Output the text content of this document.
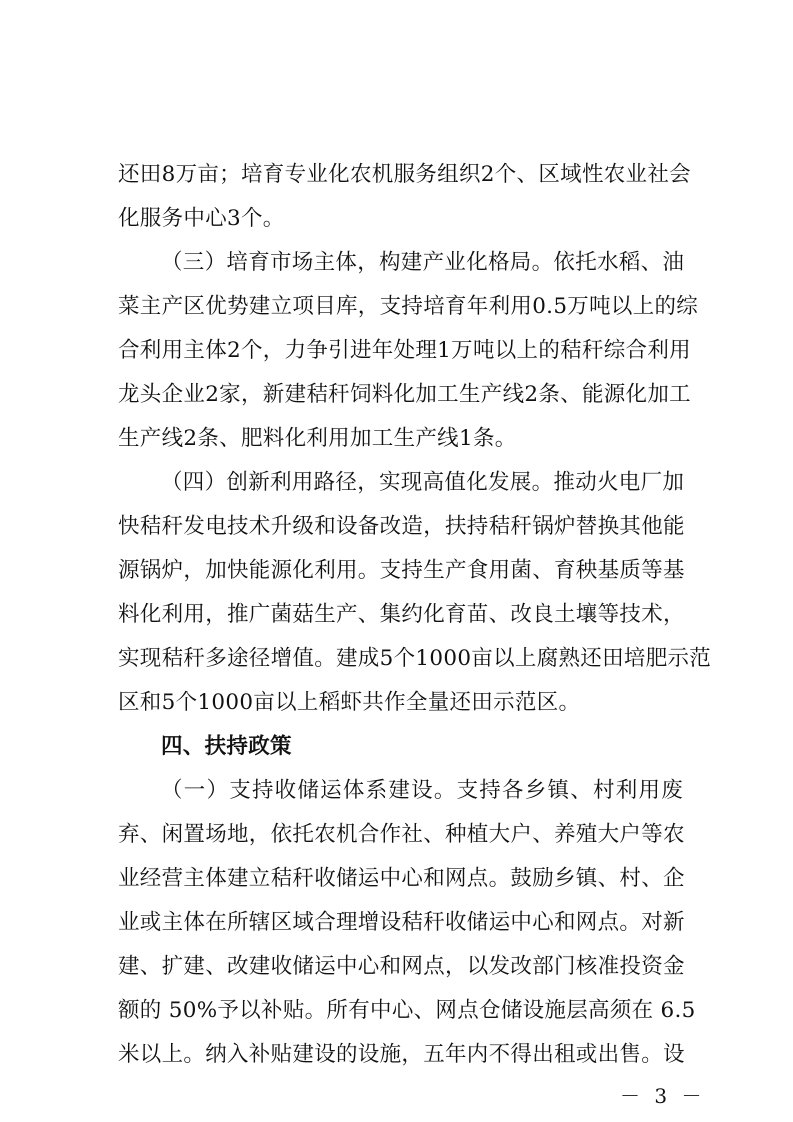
还田8万亩；培育专业化农机服务组织2个、区域性农业社会
化服务中心3个。
（三）培育市场主体，构建产业化格局。依托水稻、油
菜主产区优势建立项目库，支持培育年利用0.5万吨以上的综
合利用主体2个，力争引进年处理1万吨以上的秸秆综合利用
龙头企业2家，新建秸秆饲料化加工生产线2条、能源化加工
生产线2条、肥料化利用加工生产线1条。
（四）创新利用路径，实现高值化发展。推动火电厂加
快秸秆发电技术升级和设备改造，扶持秸秆锅炉替换其他能
源锅炉，加快能源化利用。支持生产食用菌、育秧基质等基
料化利用，推广菌菇生产、集约化育苗、改良土壤等技术，
实现秸秆多途径增值。建成5个1000亩以上腐熟还田培肥示范
区和5个1000亩以上稻虾共作全量还田示范区。
四、扶持政策
（一）支持收储运体系建设。支持各乡镇、村利用废
弃、闲置场地，依托农机合作社、种植大户、养殖大户等农
业经营主体建立秸秆收储运中心和网点。鼓励乡镇、村、企
业或主体在所辖区域合理增设秸秆收储运中心和网点。对新
建、扩建、改建收储运中心和网点，以发改部门核准投资金
额的 50%予以补贴。所有中心、网点仓储设施层高须在 6.5
米以上。纳入补贴建设的设施，五年内不得出租或出售。设
－ 3 －
